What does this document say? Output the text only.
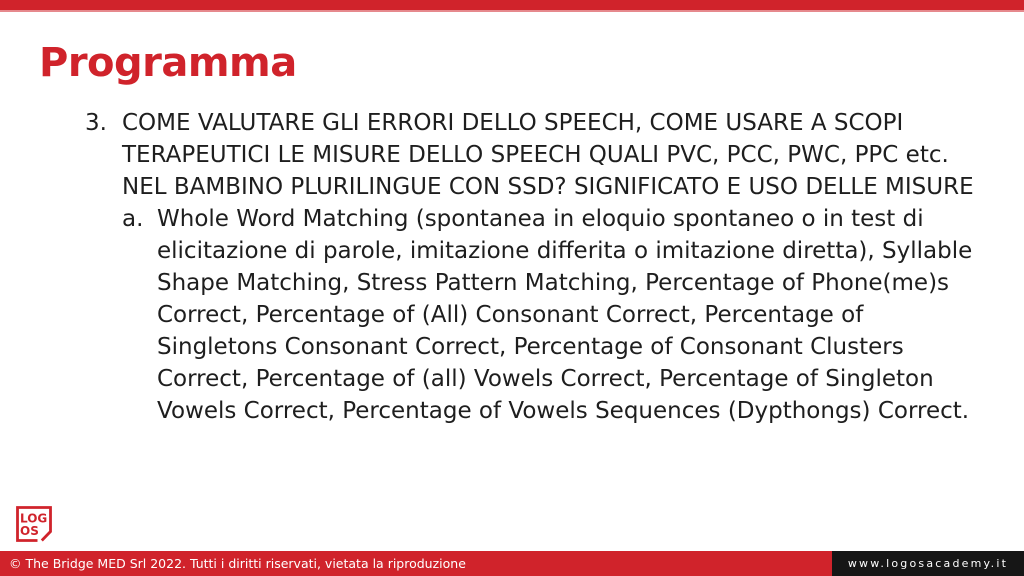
Programma
3. COME VALUTARE GLI ERRORI DELLO SPEECH, COME USARE A SCOPI TERAPEUTICI LE MISURE DELLO SPEECH QUALI PVC, PCC, PWC, PPC etc. NEL BAMBINO PLURILINGUE CON SSD? SIGNIFICATO E USO DELLE MISURE
a. Whole Word Matching (spontanea in eloquio spontaneo o in test di elicitazione di parole, imitazione differita o imitazione diretta), Syllable Shape Matching, Stress Pattern Matching, Percentage of Phone(me)s Correct, Percentage of (All) Consonant Correct, Percentage of Singletons Consonant Correct, Percentage of Consonant Clusters Correct, Percentage of (all) Vowels Correct, Percentage of Singleton Vowels Correct, Percentage of Vowels Sequences (Dypthongs) Correct.
LOG
OS
© The Bridge MED Srl 2022. Tutti i diritti riservati, vietata la riproduzione	www.logosacademy.it
